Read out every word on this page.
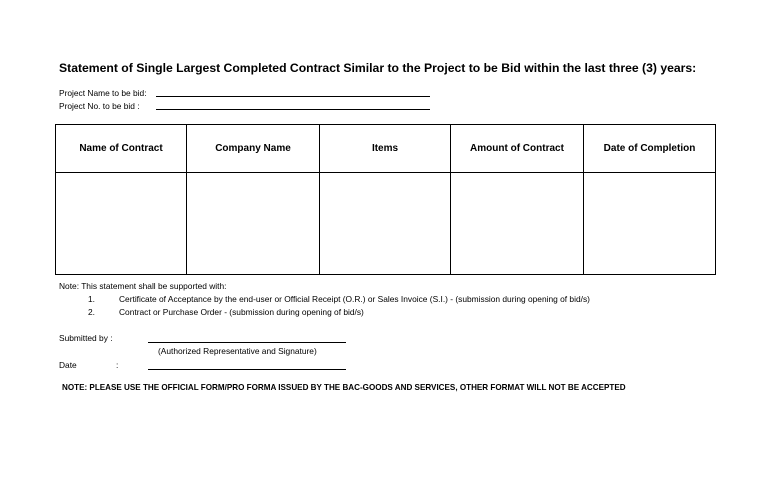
Statement of Single Largest Completed Contract Similar to the Project to be Bid within the last three (3) years:
Project Name to be bid:
Project No. to be bid :
Name of Contract	Company Name	Items	Amount of Contract	Date of Completion

Note: This statement shall be supported with:
1.	Certificate of Acceptance by the end-user or Official Receipt (O.R.) or Sales Invoice (S.I.) - (submission during opening of bid/s)
2.	Contract or Purchase Order - (submission during opening of bid/s)
Submitted by :
(Authorized Representative and Signature)
Date	:
NOTE: PLEASE USE THE OFFICIAL FORM/PRO FORMA ISSUED BY THE BAC-GOODS AND SERVICES, OTHER FORMAT WILL NOT BE ACCEPTED
